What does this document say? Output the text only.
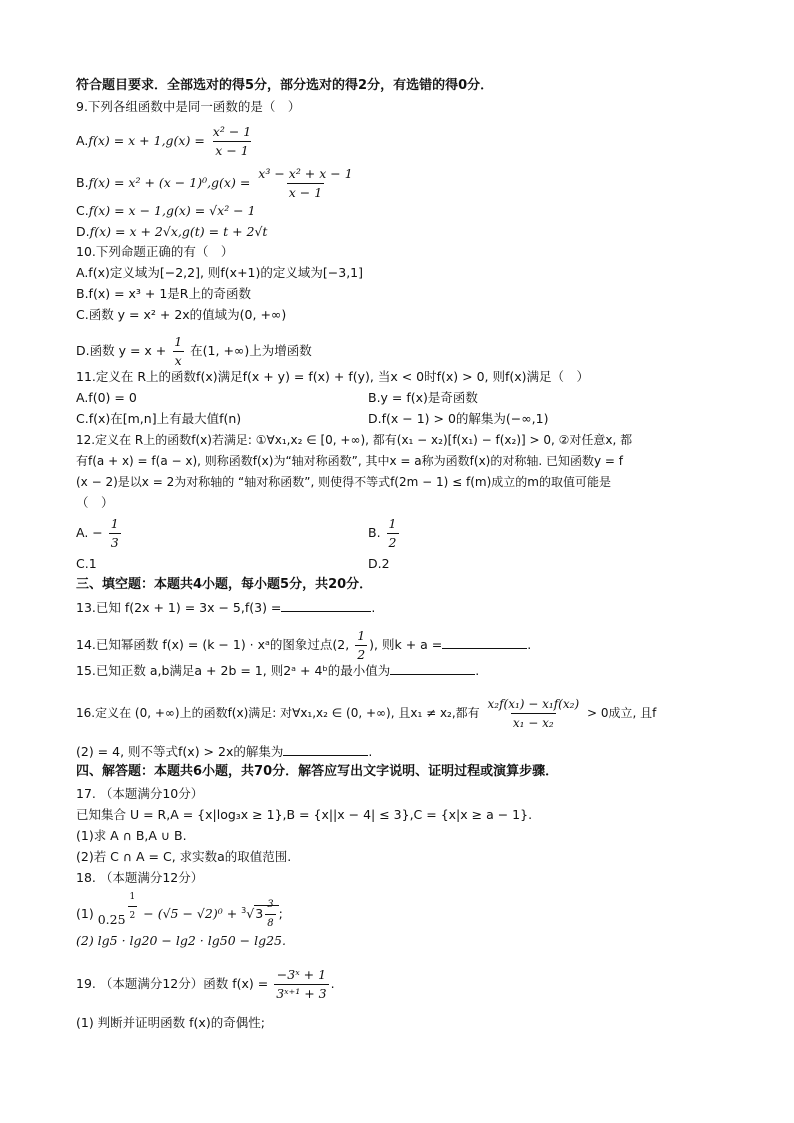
符合题目要求．全部选对的得5分，部分选对的得2分，有选错的得0分．
9.下列各组函数中是同一函数的是（　）
$A.f(x) = x + 1,g(x) = \frac{\text{x² − 1}}{x - 1}$
$B.f(x) = x^2 + (x - 1)^0,g(x) = \frac{\text{x³ − x² + x − 1}}{x - 1}$
C.f(x) = x − 1,g(x) = √x² − 1
D.f(x) = x + 2√x,g(t) = t + 2√t
10.下列命题正确的有（　）
A.f(x)定义域为[−2,2], 则f(x+1)的定义域为[−3,1]
B.f(x) = x³ + 1是R上的奇函数
C.函数 y = x² + 2x的值域为(0, +∞)
D.函数 $y = x + \frac{1}{x}$ 在(1, +∞)上为增函数
11.定义在 R上的函数f(x)满足f(x + y) = f(x) + f(y), 当x < 0时f(x) > 0, 则f(x)满足（　）
A.f(0) = 0	B.y = f(x)是奇函数
C.f(x)在[m,n]上有最大值f(n)	D.f(x − 1) > 0的解集为(−∞,1)
12.定义在 R上的函数f(x)若满足: ①∀x₁,x₂ ∈ [0, +∞), 都有(x₁ − x₂)[f(x₁) − f(x₂)] > 0, ②对任意x, 都
有f(a + x) = f(a − x), 则称函数f(x)为“轴对称函数”, 其中x = a称为函数f(x)的对称轴. 已知函数y = f
(x − 2)是以x = 2为对称轴的 “轴对称函数”, 则使得不等式f(2m − 1) ≤ f(m)成立的m的取值可能是
（　）
A. − $\frac{1}{3}$	B. $\frac{1}{2}$
C.1	D.2
三、填空题：本题共4小题，每小题5分，共20分．
13.已知 f(2x + 1) = 3x − 5,f(3) =	.
14.已知幂函数 f(x) = (k − 1) · xᵃ的图象过点(2, $\frac{1}{2}$ ), 则k + a =	.
15.已知正数 a,b满足a + 2b = 1, 则2ᵃ + 4ᵇ的最小值为	.
16.定义在 (0, +∞)上的函数f(x)满足: 对∀x₁,x₂ ∈ (0, +∞), 且x₁ ≠ x₂,都有 $\frac{\text{x₂f(x₁) − x₁f(x₂)}}{\text{x₁ − x₂}} > 0$成立, 且f
(2) = 4, 则不等式f(x) > 2x的解集为	.
四、解答题：本题共6小题，共70分．解答应写出文字说明、证明过程或演算步骤．
17. （本题满分10分）
已知集合 U = R,A = {x|log₃x ≥ 1},B = {x||x − 4| ≤ 3},C = {x|x ≥ a − 1}.
(1)求 A ∩ B,A ∪ B.
(2)若 C ∩ A = C, 求实数a的取值范围.
18. （本题满分12分）
(1) $0.25 \frac{1}{2} - (√5 - √2)^0 + ^3√3 \frac{3}{8}$ ;
(2) lg5 · lg20 − lg2 · lg50 − lg25.
19. （本题满分12分）函数 $f(x) = \frac{\text{−3ˣ + 1}}{\text{3ˣ⁺¹ + 3}}$ .
(1) 判断并证明函数 f(x)的奇偶性;
